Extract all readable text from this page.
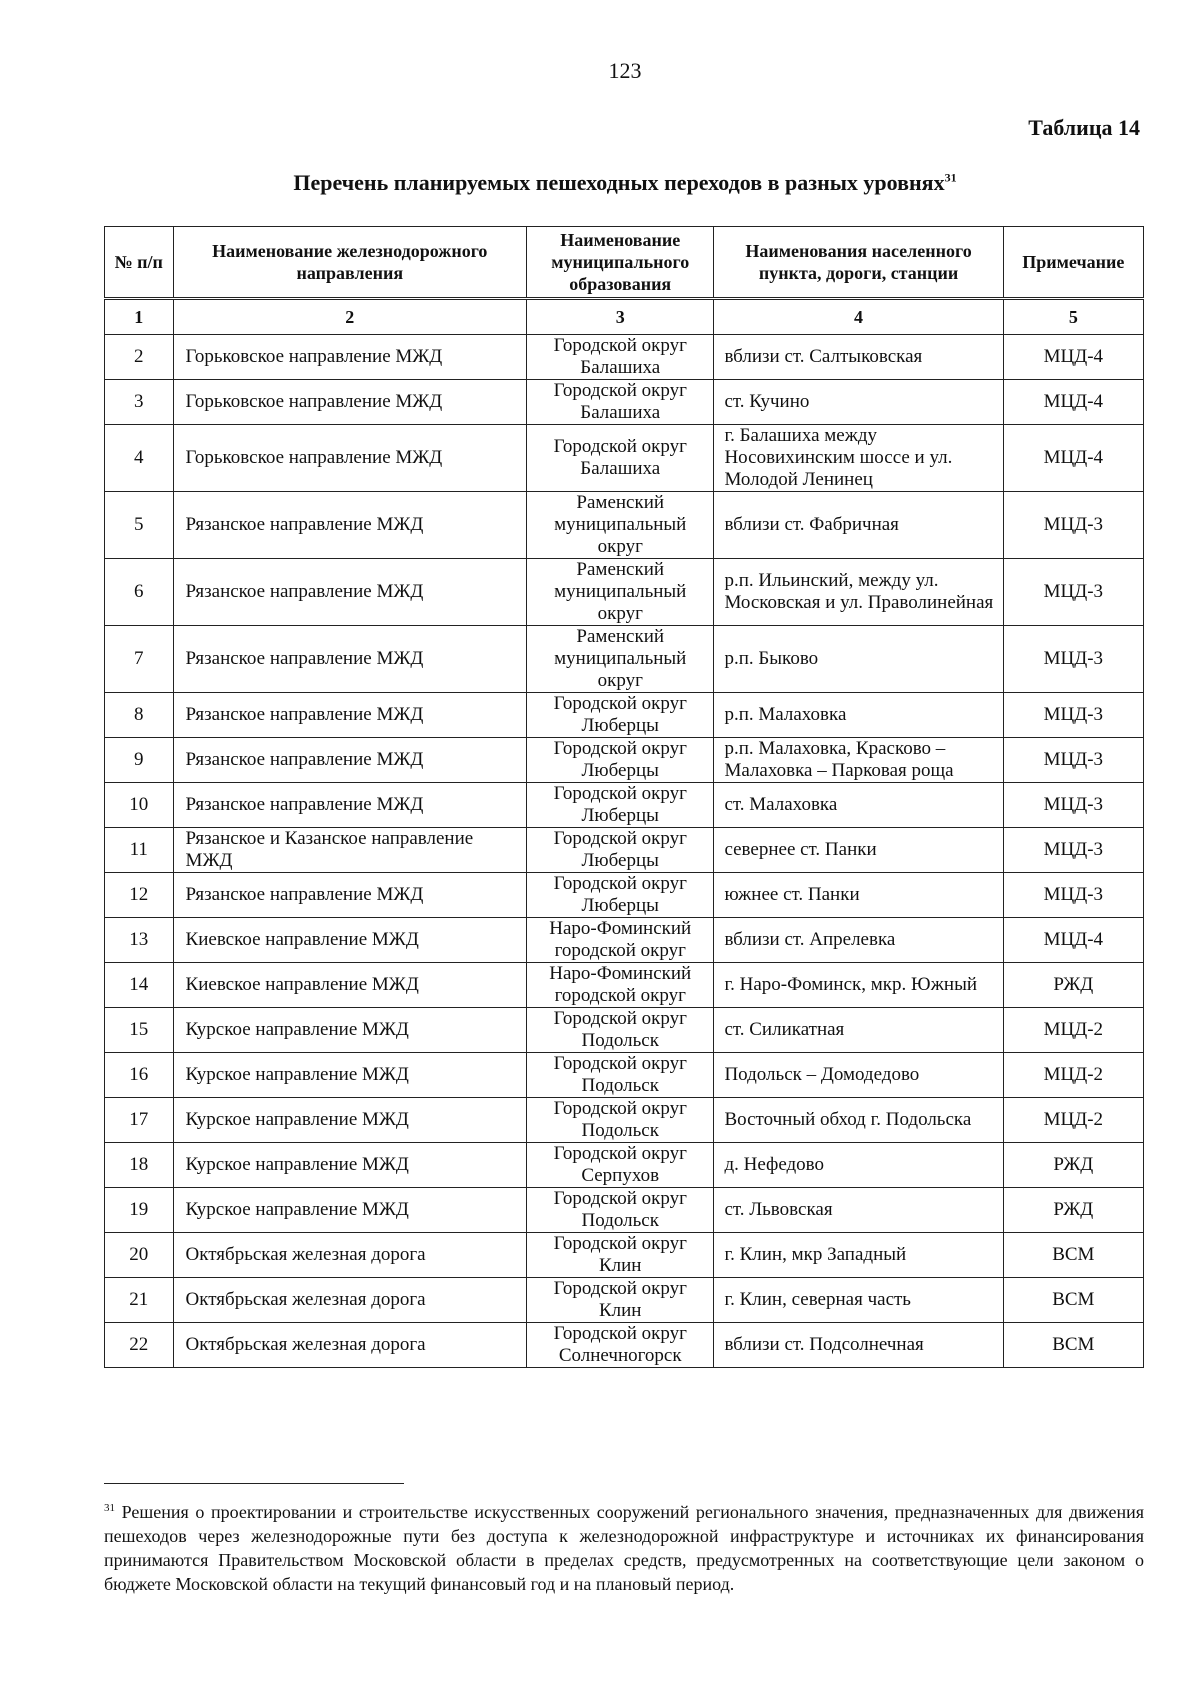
123
Таблица 14
Перечень планируемых пешеходных переходов в разных уровнях$^{31}$
№ п/п	Наименование железнодорожного направления	Наименование муниципального образования	Наименования населенного пункта, дороги, станции	Примечание
1	2	3	4	5
2	Горьковское направление МЖД	Городской округ Балашиха	вблизи ст. Салтыковская	МЦД-4
3	Горьковское направление МЖД	Городской округ Балашиха	ст. Кучино	МЦД-4
4	Горьковское направление МЖД	Городской округ Балашиха	г. Балашиха между Носовихинским шоссе и ул. Молодой Ленинец	МЦД-4
5	Рязанское направление МЖД	Раменский муниципальный округ	вблизи ст. Фабричная	МЦД-3
6	Рязанское направление МЖД	Раменский муниципальный округ	р.п. Ильинский, между ул. Московская и ул. Праволинейная	МЦД-3
7	Рязанское направление МЖД	Раменский муниципальный округ	р.п. Быково	МЦД-3
8	Рязанское направление МЖД	Городской округ Люберцы	р.п. Малаховка	МЦД-3
9	Рязанское направление МЖД	Городской округ Люберцы	р.п. Малаховка, Красково – Малаховка – Парковая роща	МЦД-3
10	Рязанское направление МЖД	Городской округ Люберцы	ст. Малаховка	МЦД-3
11	Рязанское и Казанское направление МЖД	Городской округ Люберцы	севернее ст. Панки	МЦД-3
12	Рязанское направление МЖД	Городской округ Люберцы	южнее ст. Панки	МЦД-3
13	Киевское направление МЖД	Наро-Фоминский городской округ	вблизи ст. Апрелевка	МЦД-4
14	Киевское направление МЖД	Наро-Фоминский городской округ	г. Наро-Фоминск, мкр. Южный	РЖД
15	Курское направление МЖД	Городской округ Подольск	ст. Силикатная	МЦД-2
16	Курское направление МЖД	Городской округ Подольск	Подольск – Домодедово	МЦД-2
17	Курское направление МЖД	Городской округ Подольск	Восточный обход г. Подольска	МЦД-2
18	Курское направление МЖД	Городской округ Серпухов	д. Нефедово	РЖД
19	Курское направление МЖД	Городской округ Подольск	ст. Львовская	РЖД
20	Октябрьская железная дорога	Городской округ Клин	г. Клин, мкр Западный	ВСМ
21	Октябрьская железная дорога	Городской округ Клин	г. Клин, северная часть	ВСМ
22	Октябрьская железная дорога	Городской округ Солнечногорск	вблизи ст. Подсолнечная	ВСМ
$^{31}$ Решения о проектировании и строительстве искусственных сооружений регионального значения, предназначенных для движения пешеходов через железнодорожные пути без доступа к железнодорожной инфраструктуре и источниках их финансирования принимаются Правительством Московской области в пределах средств, предусмотренных на соответствующие цели законом о бюджете Московской области на текущий финансовый год и на плановый период.
